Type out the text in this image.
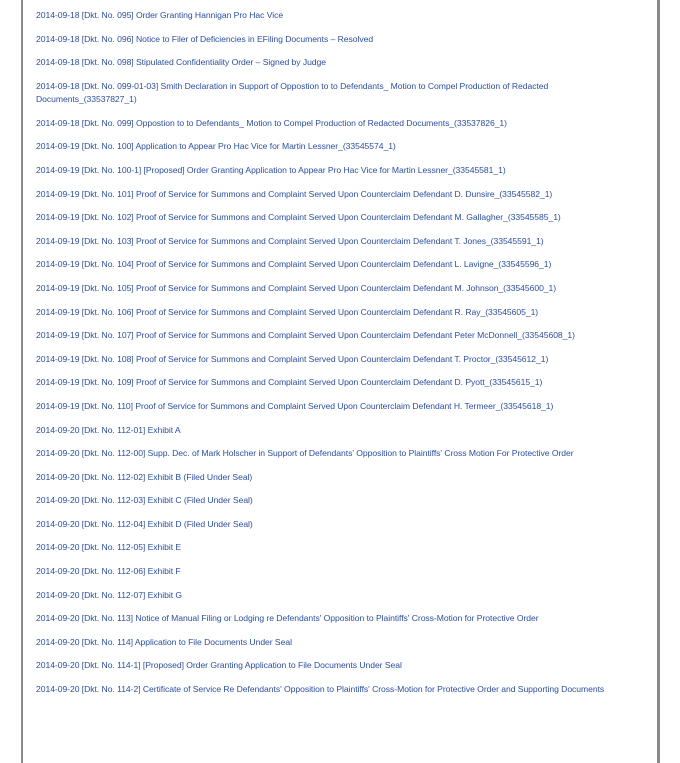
2014-09-18 [Dkt. No. 095] Order Granting Hannigan Pro Hac Vice
2014-09-18 [Dkt. No. 096] Notice to Filer of Deficiencies in EFiling Documents – Resolved
2014-09-18 [Dkt. No. 098] Stipulated Confidentiality Order – Signed by Judge
2014-09-18 [Dkt. No. 099-01-03] Smith Declaration in Support of Oppostion to to Defendants_ Motion to Compel Production of Redacted Documents_(33537827_1)
2014-09-18 [Dkt. No. 099] Oppostion to to Defendants_ Motion to Compel Production of Redacted Documents_(33537826_1)
2014-09-19 [Dkt. No. 100] Application to Appear Pro Hac Vice for Martin Lessner_(33545574_1)
2014-09-19 [Dkt. No. 100-1] [Proposed] Order Granting Application to Appear Pro Hac Vice for Martin Lessner_(33545581_1)
2014-09-19 [Dkt. No. 101] Proof of Service for Summons and Complaint Served Upon Counterclaim Defendant D. Dunsire_(33545582_1)
2014-09-19 [Dkt. No. 102] Proof of Service for Summons and Complaint Served Upon Counterclaim Defendant M. Gallagher_(33545585_1)
2014-09-19 [Dkt. No. 103] Proof of Service for Summons and Complaint Served Upon Counterclaim Defendant T. Jones_(33545591_1)
2014-09-19 [Dkt. No. 104] Proof of Service for Summons and Complaint Served Upon Counterclaim Defendant L. Lavigne_(33545596_1)
2014-09-19 [Dkt. No. 105] Proof of Service for Summons and Complaint Served Upon Counterclaim Defendant M. Johnson_(33545600_1)
2014-09-19 [Dkt. No. 106] Proof of Service for Summons and Complaint Served Upon Counterclaim Defendant R. Ray_(33545605_1)
2014-09-19 [Dkt. No. 107] Proof of Service for Summons and Complaint Served Upon Counterclaim Defendant Peter McDonnell_(33545608_1)
2014-09-19 [Dkt. No. 108] Proof of Service for Summons and Complaint Served Upon Counterclaim Defendant T. Proctor_(33545612_1)
2014-09-19 [Dkt. No. 109] Proof of Service for Summons and Complaint Served Upon Counterclaim Defendant D. Pyott_(33545615_1)
2014-09-19 [Dkt. No. 110] Proof of Service for Summons and Complaint Served Upon Counterclaim Defendant H. Termeer_(33545618_1)
2014-09-20 [Dkt. No. 112-01] Exhibit A
2014-09-20 [Dkt. No. 112-00] Supp. Dec. of Mark Holscher in Support of Defendants' Opposition to Plaintiffs' Cross Motion For Protective Order
2014-09-20 [Dkt. No. 112-02] Exhibit B (Filed Under Seal)
2014-09-20 [Dkt. No. 112-03] Exhibit C (Filed Under Seal)
2014-09-20 [Dkt. No. 112-04] Exhibit D (Filed Under Seal)
2014-09-20 [Dkt. No. 112-05] Exhibit E
2014-09-20 [Dkt. No. 112-06] Exhibit F
2014-09-20 [Dkt. No. 112-07] Exhibit G
2014-09-20 [Dkt. No. 113] Notice of Manual Filing or Lodging re Defendants' Opposition to Plaintiffs' Cross-Motion for Protective Order
2014-09-20 [Dkt. No. 114] Application to File Documents Under Seal
2014-09-20 [Dkt. No. 114-1] [Proposed] Order Granting Application to File Documents Under Seal
2014-09-20 [Dkt. No. 114-2] Certificate of Service Re Defendants' Opposition to Plaintiffs' Cross-Motion for Protective Order and Supporting Documents
